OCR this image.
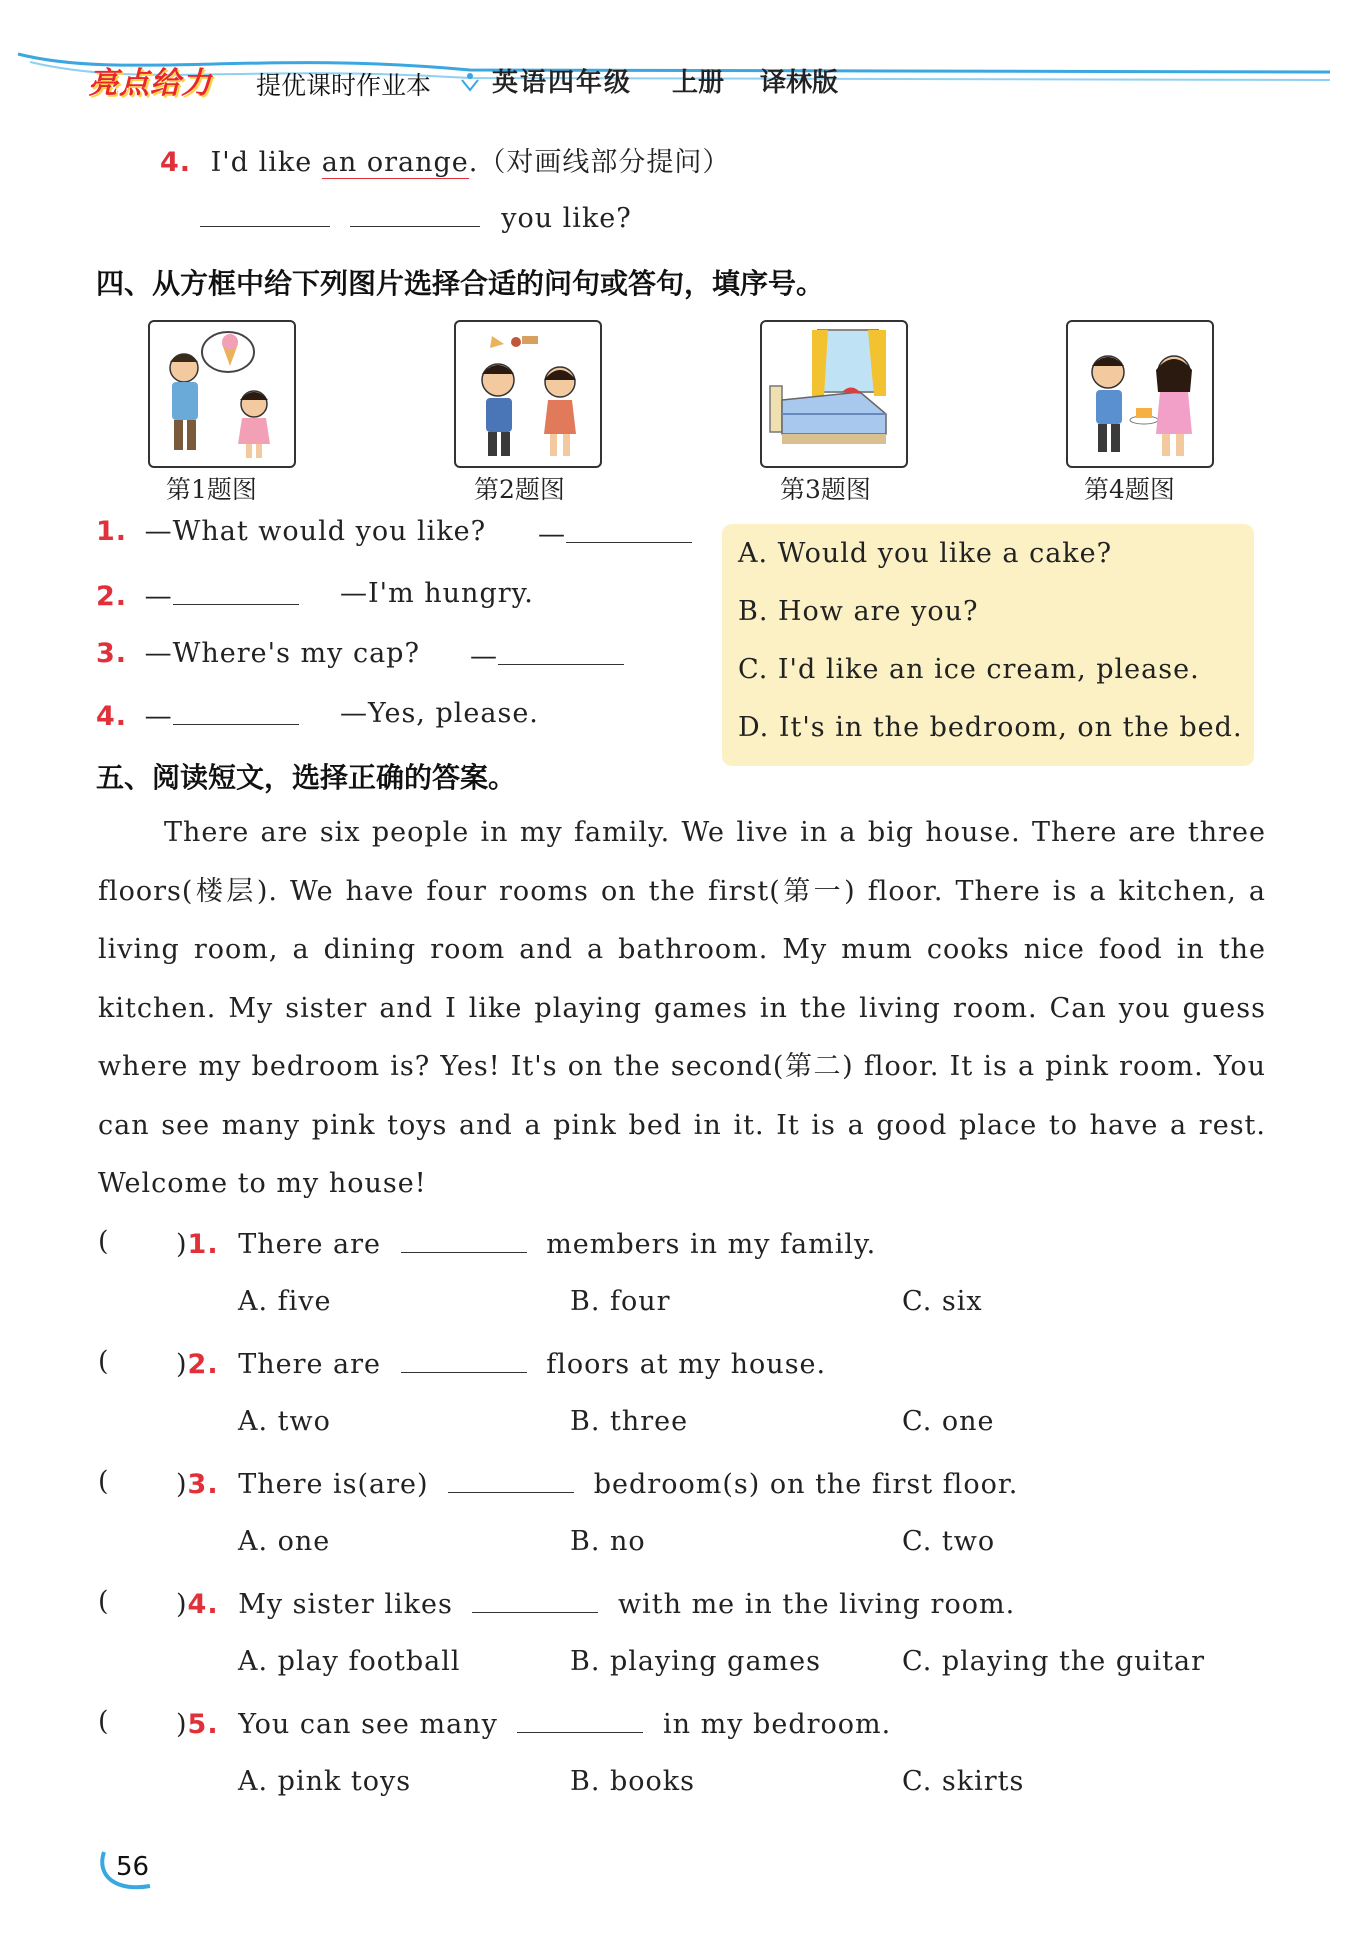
亮点给力 提优课时作业本 英语四年级 上册 译林版
4. I'd like an orange.（对画线部分提问）
you like?
四、从方框中给下列图片选择合适的问句或答句，填序号。
第1题图	第2题图	第3题图	第4题图
1. —What would you like? —
2. —	—I'm hungry.
3. —Where's my cap? —
4. —	—Yes, please.
A. Would you like a cake?
B. How are you?
C. I'd like an ice cream, please.
D. It's in the bedroom, on the bed.
五、阅读短文，选择正确的答案。

There are six people in my family. We live in a big house. There are three floors(楼层). We have four rooms on the first(第一) floor. There is a kitchen, a living room, a dining room and a bathroom. My mum cooks nice food in the kitchen. My sister and I like playing games in the living room. Can you guess where my bedroom is? Yes! It's on the second(第二) floor. It is a pink room. You can see many pink toys and a pink bed in it. It is a good place to have a rest. Welcome to my house!

( )1. There are	members in my family.
A. five	B. four	C. six
( )2. There are	floors at my house.
A. two	B. three	C. one
( )3. There is(are)	bedroom(s) on the first floor.
A. one	B. no	C. two
( )4. My sister likes	with me in the living room.
A. play football	B. playing games	C. playing the guitar
( )5. You can see many	in my bedroom.
A. pink toys	B. books	C. skirts
56
